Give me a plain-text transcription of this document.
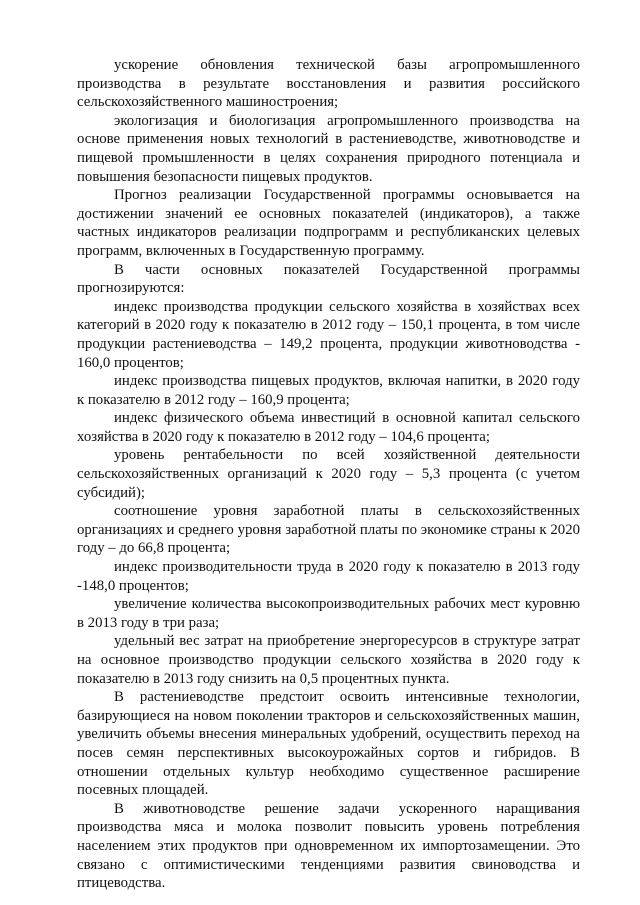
ускорение обновления технической базы агропромышленного производства в результате восстановления и развития российского сельскохозяйственного машиностроения;

экологизация и биологизация агропромышленного производства на основе применения новых технологий в растениеводстве, животноводстве и пищевой промышленности в целях сохранения природного потенциала и повышения безопасности пищевых продуктов.

Прогноз реализации Государственной программы основывается на достижении значений ее основных показателей (индикаторов), а также частных индикаторов реализации подпрограмм и республиканских целевых программ, включенных в Государственную программу.

В части основных показателей Государственной программы прогнозируются:

индекс производства продукции сельского хозяйства в хозяйствах всех категорий в 2020 году к показателю в 2012 году – 150,1 процента, в том числе продукции растениеводства – 149,2 процента, продукции животноводства - 160,0 процентов;

индекс производства пищевых продуктов, включая напитки, в 2020 году к показателю в 2012 году – 160,9 процента;

индекс физического объема инвестиций в основной капитал сельского хозяйства в 2020 году к показателю в 2012 году – 104,6 процента;

уровень рентабельности по всей хозяйственной деятельности сельскохозяйственных организаций к 2020 году – 5,3 процента (с учетом субсидий);

соотношение уровня заработной платы в сельскохозяйственных организациях и среднего уровня заработной платы по экономике страны к 2020 году – до 66,8 процента;

индекс производительности труда в 2020 году к показателю в 2013 году -148,0 процентов;

увеличение количества высокопроизводительных рабочих мест куровню в 2013 году в три раза;

удельный вес затрат на приобретение энергоресурсов в структуре затрат на основное производство продукции сельского хозяйства в 2020 году к показателю в 2013 году снизить на 0,5 процентных пункта.

В растениеводстве предстоит освоить интенсивные технологии, базирующиеся на новом поколении тракторов и сельскохозяйственных машин, увеличить объемы внесения минеральных удобрений, осуществить переход на посев семян перспективных высокоурожайных сортов и гибридов. В отношении отдельных культур необходимо существенное расширение посевных площадей.

В животноводстве решение задачи ускоренного наращивания производства мяса и молока позволит повысить уровень потребления населением этих продуктов при одновременном их импортозамещении. Это связано с оптимистическими тенденциями развития свиноводства и птицеводства.
